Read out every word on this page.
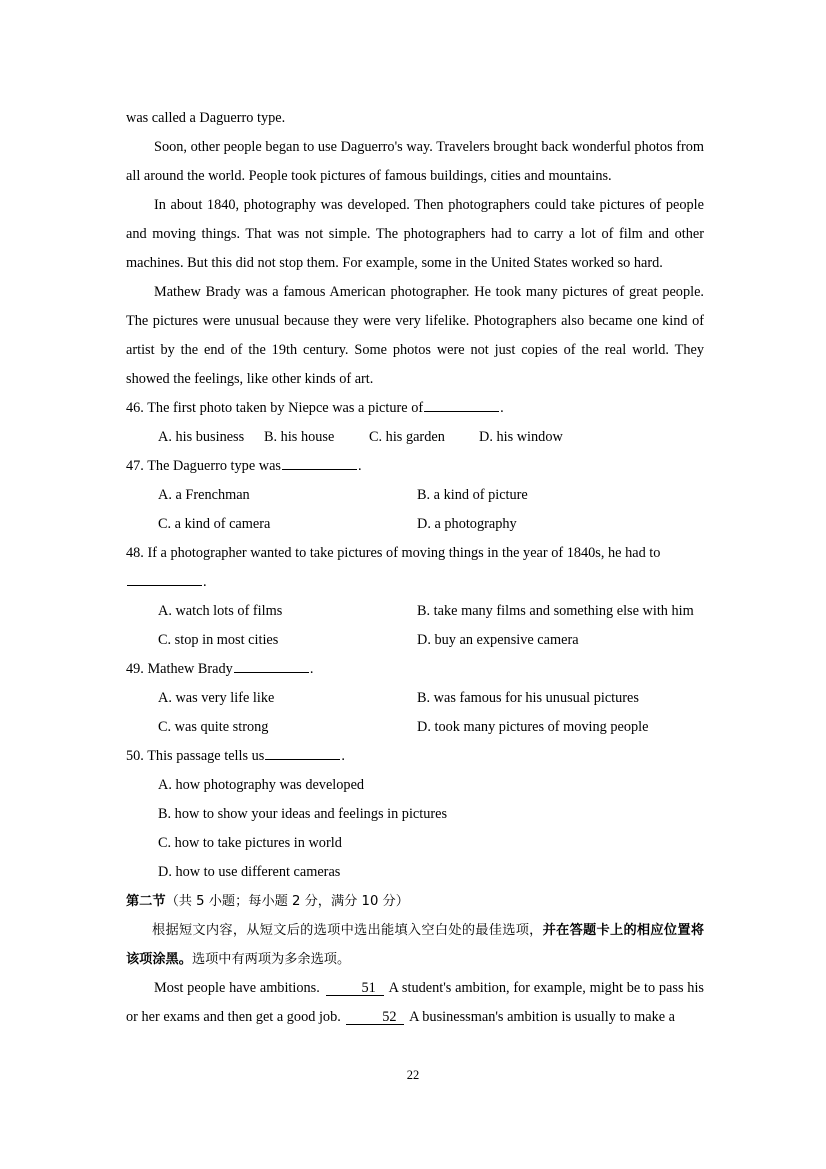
was called a Daguerro type.

Soon, other people began to use Daguerro's way. Travelers brought back wonderful photos from all around the world. People took pictures of famous buildings, cities and mountains.

In about 1840, photography was developed. Then photographers could take pictures of people and moving things. That was not simple. The photographers had to carry a lot of film and other machines. But this did not stop them. For example, some in the United States worked so hard.

Mathew Brady was a famous American photographer. He took many pictures of great people. The pictures were unusual because they were very lifelike. Photographers also became one kind of artist by the end of the 19th century. Some photos were not just copies of the real world. They showed the feelings, like other kinds of art.

46. The first photo taken by Niepce was a picture of	.

A. his business B. his house C. his garden D. his window

47. The Daguerro type was	.

A. a Frenchman	B. a kind of picture
C. a kind of camera	D. a photography

48. If a photographer wanted to take pictures of moving things in the year of 1840s, he had to
.

A. watch lots of films	B. take many films and something else with him
C. stop in most cities	D. buy an expensive camera

49. Mathew Brady	.

A. was very life like	B. was famous for his unusual pictures
C. was quite strong	D. took many pictures of moving people

50. This passage tells us	.

A. how photography was developed
B. how to show your ideas and feelings in pictures
C. how to take pictures in world
D. how to use different cameras

第二节（共 5 小题；每小题 2 分，满分 10 分）

根据短文内容，从短文后的选项中选出能填入空白处的最佳选项，并在答题卡上的相应位置将该项涂黑。选项中有两项为多余选项。

Most people have ambitions.	51 A student's ambition, for example, might be to pass his or her exams and then get a good job.	52 A businessman's ambition is usually to make a

22
